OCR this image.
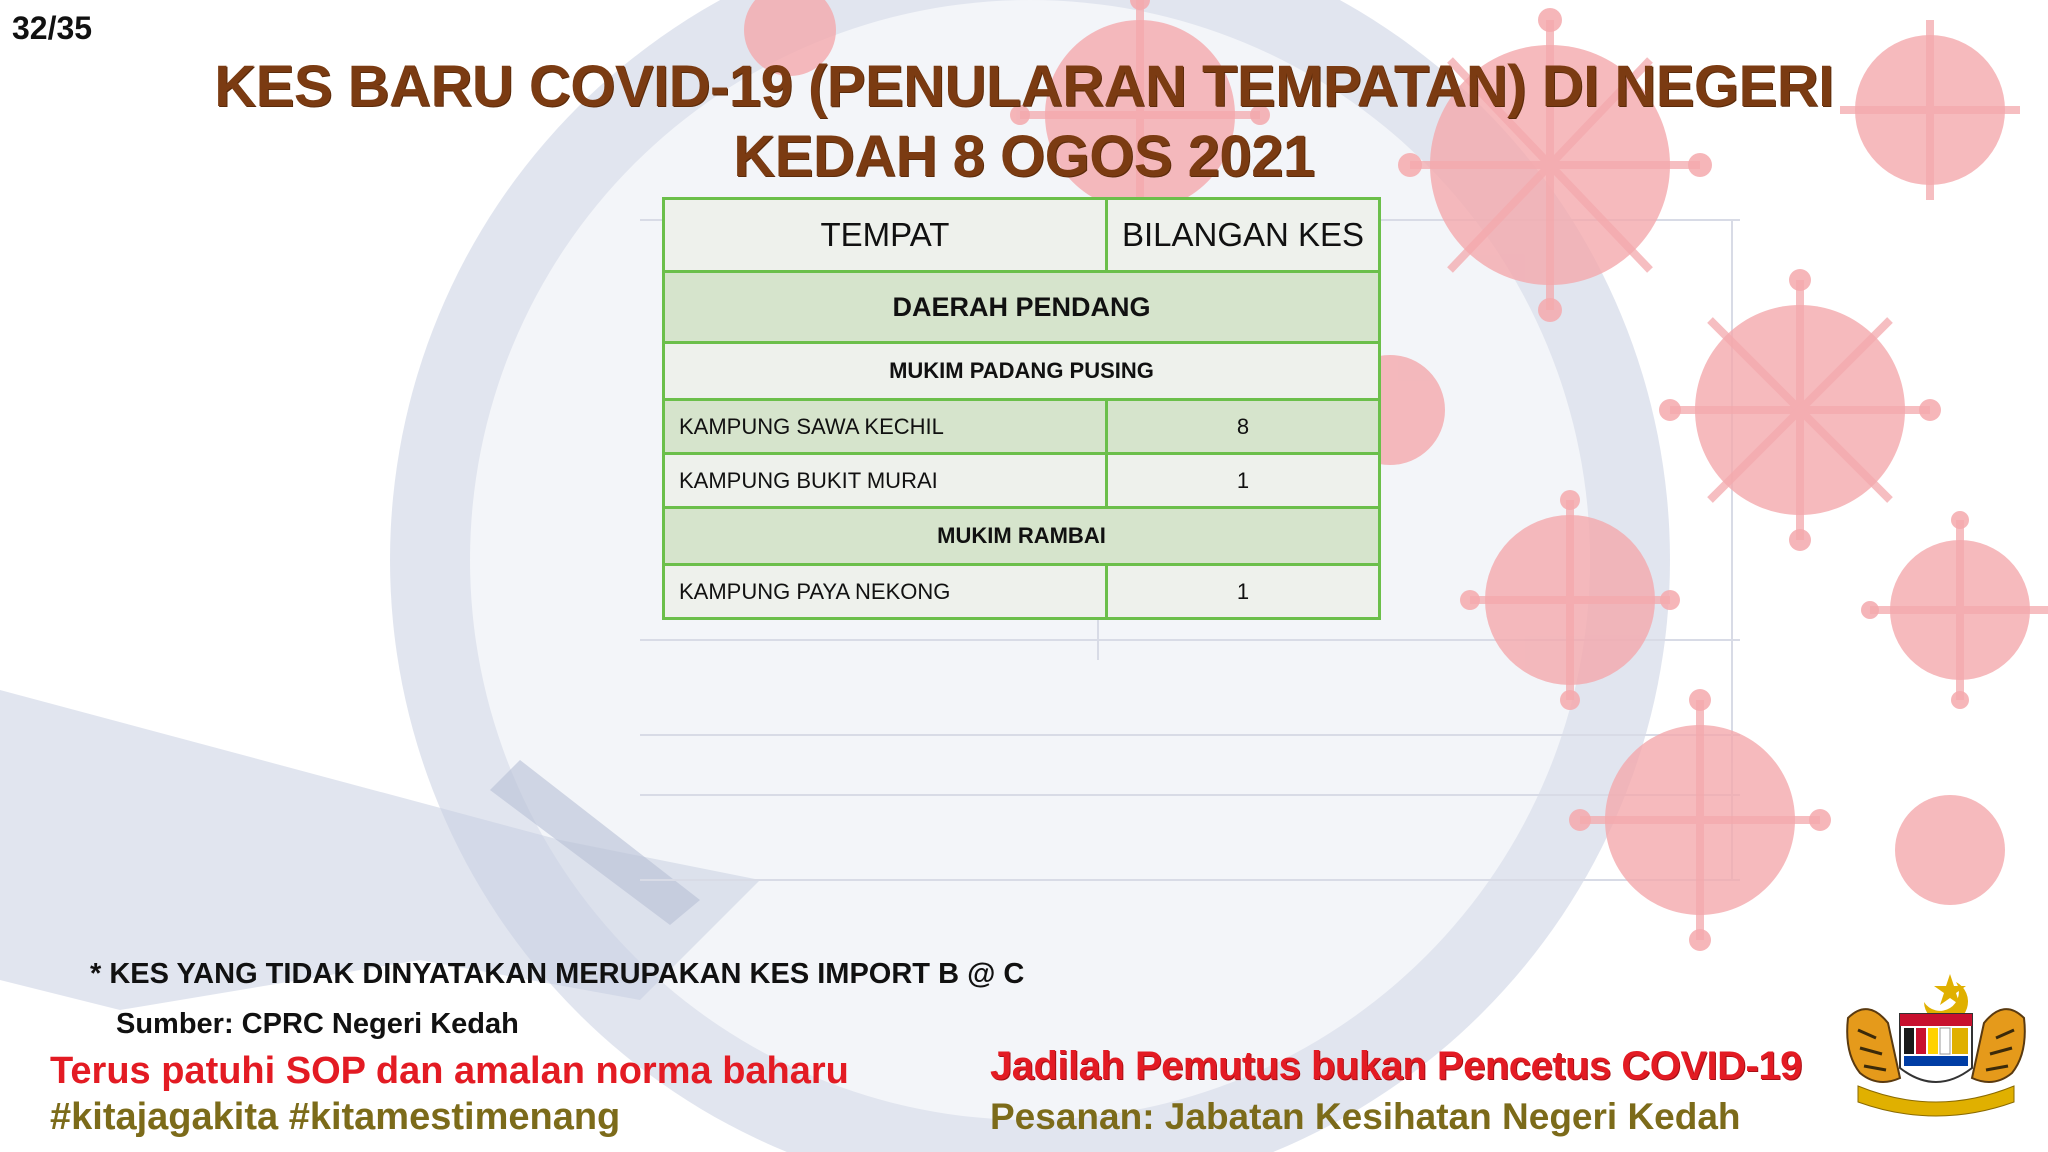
32/35
KES BARU COVID-19 (PENULARAN TEMPATAN) DI NEGERI
KEDAH 8 OGOS 2021
TEMPAT	BILANGAN KES
DAERAH PENDANG	
MUKIM PADANG PUSING	
KAMPUNG SAWA KECHIL	8
KAMPUNG BUKIT MURAI	1
MUKIM RAMBAI	
KAMPUNG PAYA NEKONG	1
* KES YANG TIDAK DINYATAKAN MERUPAKAN KES IMPORT B @ C
Sumber: CPRC Negeri Kedah
Terus patuhi SOP dan amalan norma baharu
#kitajagakita #kitamestimenang
Jadilah Pemutus bukan Pencetus COVID-19
Pesanan: Jabatan Kesihatan Negeri Kedah
